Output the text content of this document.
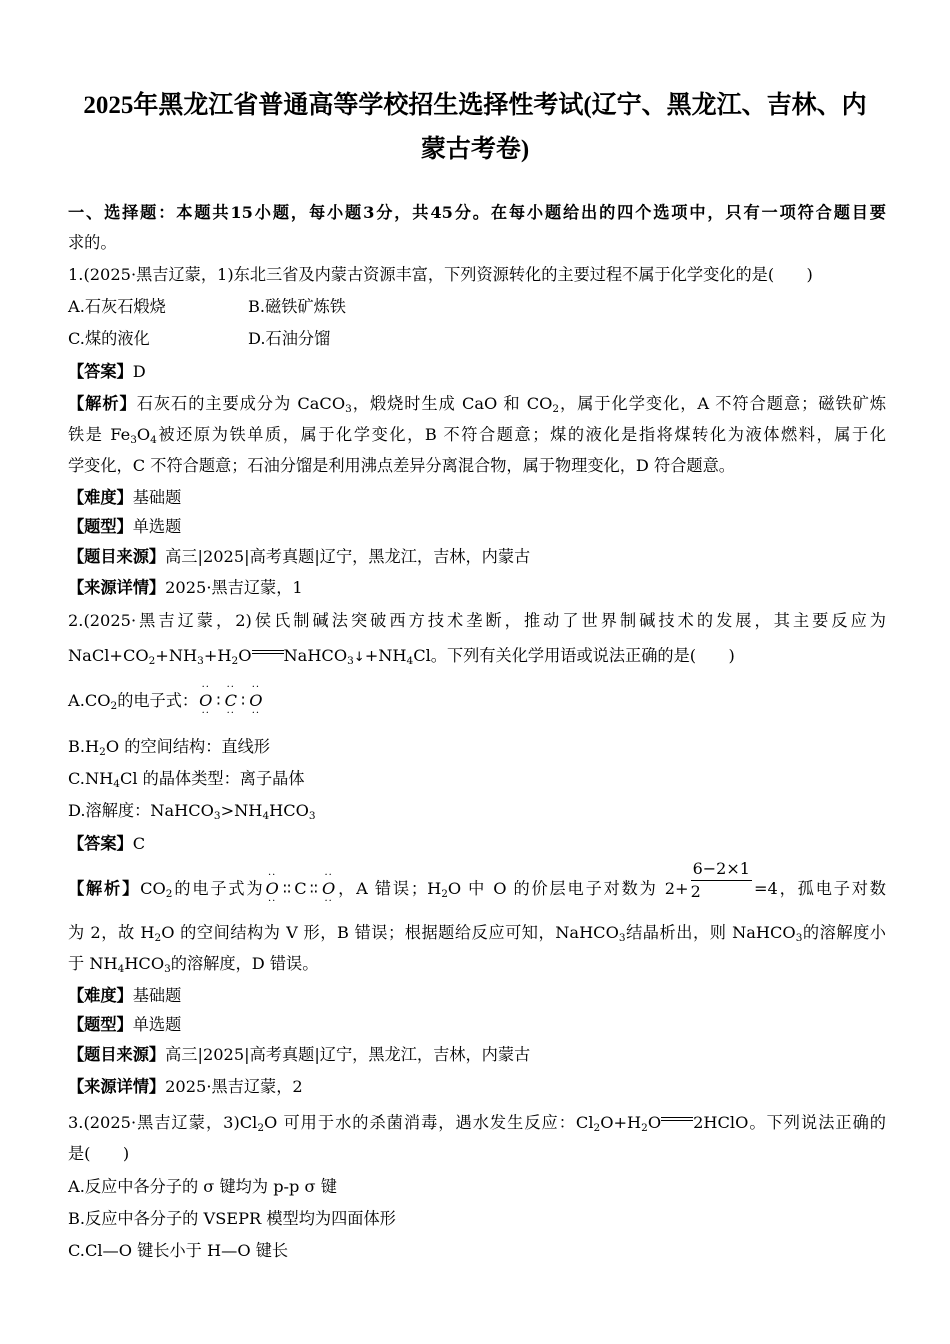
2025年黑龙江省普通高等学校招生选择性考试(辽宁、黑龙江、吉林、内
蒙古考卷)
一、选择题：本题共15小题，每小题3分，共45分。在每小题给出的四个选项中，只有一项符合题目要
求的。
1.(2025·黑吉辽蒙，1)东北三省及内蒙古资源丰富，下列资源转化的主要过程不属于化学变化的是(　　)
A.石灰石煅烧	B.磁铁矿炼铁
C.煤的液化	D.石油分馏
【答案】D
【解析】石灰石的主要成分为 CaCO$_3$，煅烧时生成 CaO 和 $CO_2$，属于化学变化，A 不符合题意；磁铁矿炼
铁是 $Fe_3O_4$被还原为铁单质，属于化学变化，B 不符合题意；煤的液化是指将煤转化为液体燃料，属于化
学变化，C 不符合题意；石油分馏是利用沸点差异分离混合物，属于物理变化，D 符合题意。
【难度】基础题
【题型】单选题
【题目来源】高三|2025|高考真题|辽宁，黑龙江，吉林，内蒙古
【来源详情】2025·黑吉辽蒙，1
2.(2025·黑吉辽蒙，2)侯氏制碱法突破西方技术垄断，推动了世界制碱技术的发展，其主要反应为
$NaCl+CO_2+NH_3+H_2O$ $NaHCO_3↓+NH_4Cl$。下列有关化学用语或说法正确的是(　　)
$A.CO_2$的电子式：·· O ·· ∶ ·· C ·· ∶ ·· O ··
$B.H_2O$ 的空间结构：直线形
$C.NH_4Cl$ 的晶体类型：离子晶体
D.溶解度：$NaHCO_3>NH_4HCO_3$
【答案】C
【解析】$CO_2$的电子式为·· O ·· ∶∶ C ∶∶ ·· O ··，A 错误；$H_2O$ 中 O 的价层电子对数为 $2+ \frac{6-2\times 1}{2} =4$，孤电子对数
为 2，故 $H_2O$ 的空间结构为 V 形，B 错误；根据题给反应可知，NaHCO$_3$结晶析出，则 NaHCO$_3$的溶解度小
于 $NH_4HCO_3$的溶解度，D 错误。
【难度】基础题
【题型】单选题
【题目来源】高三|2025|高考真题|辽宁，黑龙江，吉林，内蒙古
【来源详情】2025·黑吉辽蒙，2
3.(2025·黑吉辽蒙，$3)Cl_2O$ 可用于水的杀菌消毒，遇水发生反应：$Cl_2O+H_2O$ 2HClO。下列说法正确的
是(　　)
A.反应中各分子的 σ 键均为 p-p σ 键
B.反应中各分子的 VSEPR 模型均为四面体形
C.Cl—O 键长小于 H—O 键长
